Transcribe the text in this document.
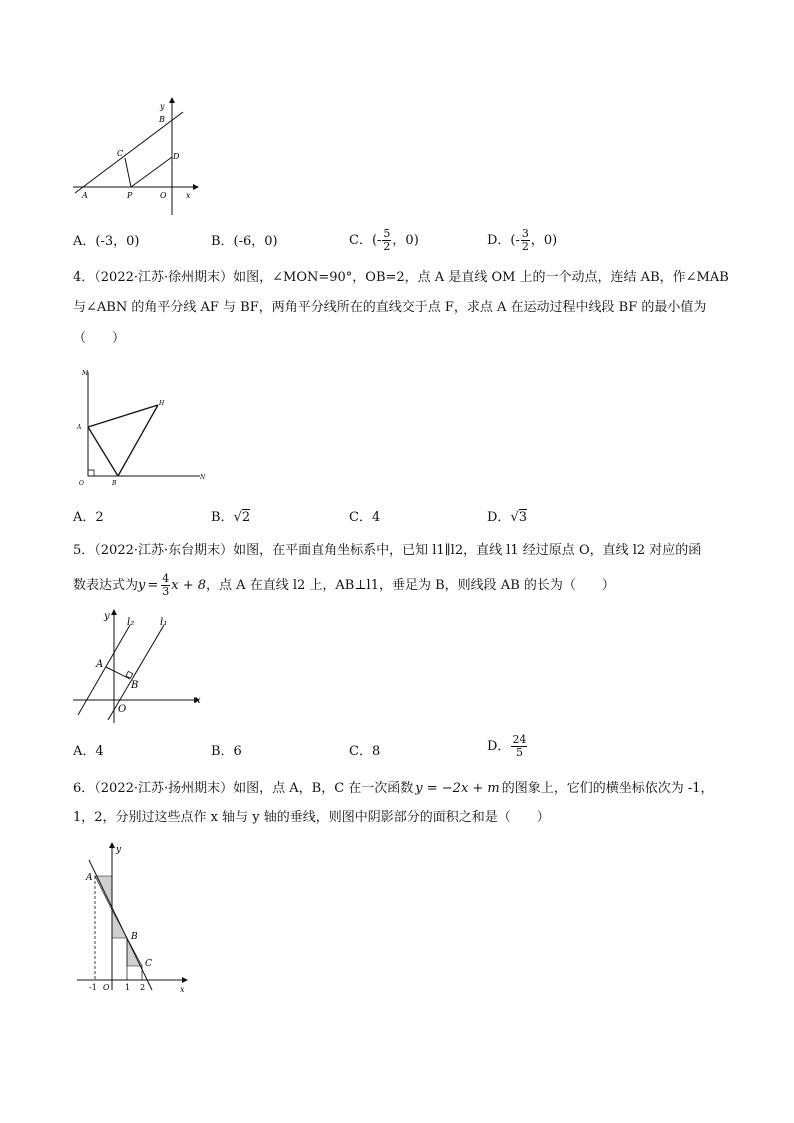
y
B
C	D
A	P	O x
A．(-3，0)	B．(-6，0)	C．(- $\frac{5}{2}$ ，0)	D．(- $\frac{3}{2}$ ，0)
4．（2022·江苏·徐州期末）如图，∠MON=90°，OB=2，点 A 是直线 OM 上的一个动点，连结 AB，作∠MAB
与∠ABN 的角平分线 AF 与 BF，两角平分线所在的直线交于点 F，求点 A 在运动过程中线段 BF 的最小值为
（　　）
M
H
A
O	B
N
A．2	B．√2	C．4	D．√3
5．（2022·江苏·东台期末）如图，在平面直角坐标系中，已知 l1∥l2，直线 l1 经过原点 O，直线 l2 对应的函
数表达式为$y = \frac{4}{3}$ x + 8，点 A 在直线 l2 上，AB⊥l1，垂足为 B，则线段 AB 的长为（　　）
y
l₂	l₁
A
B
O
x
A．4	B．6	C．8	D． $\frac{24}{5}$
6．（2022·江苏·扬州期末）如图，点 A，B，C 在一次函数 y = −2x + m 的图象上，它们的横坐标依次为 -1，
1，2，分别过这些点作 x 轴与 y 轴的垂线，则图中阴影部分的面积之和是（　　）
y
A
B
C
-1 O 1 2	x
